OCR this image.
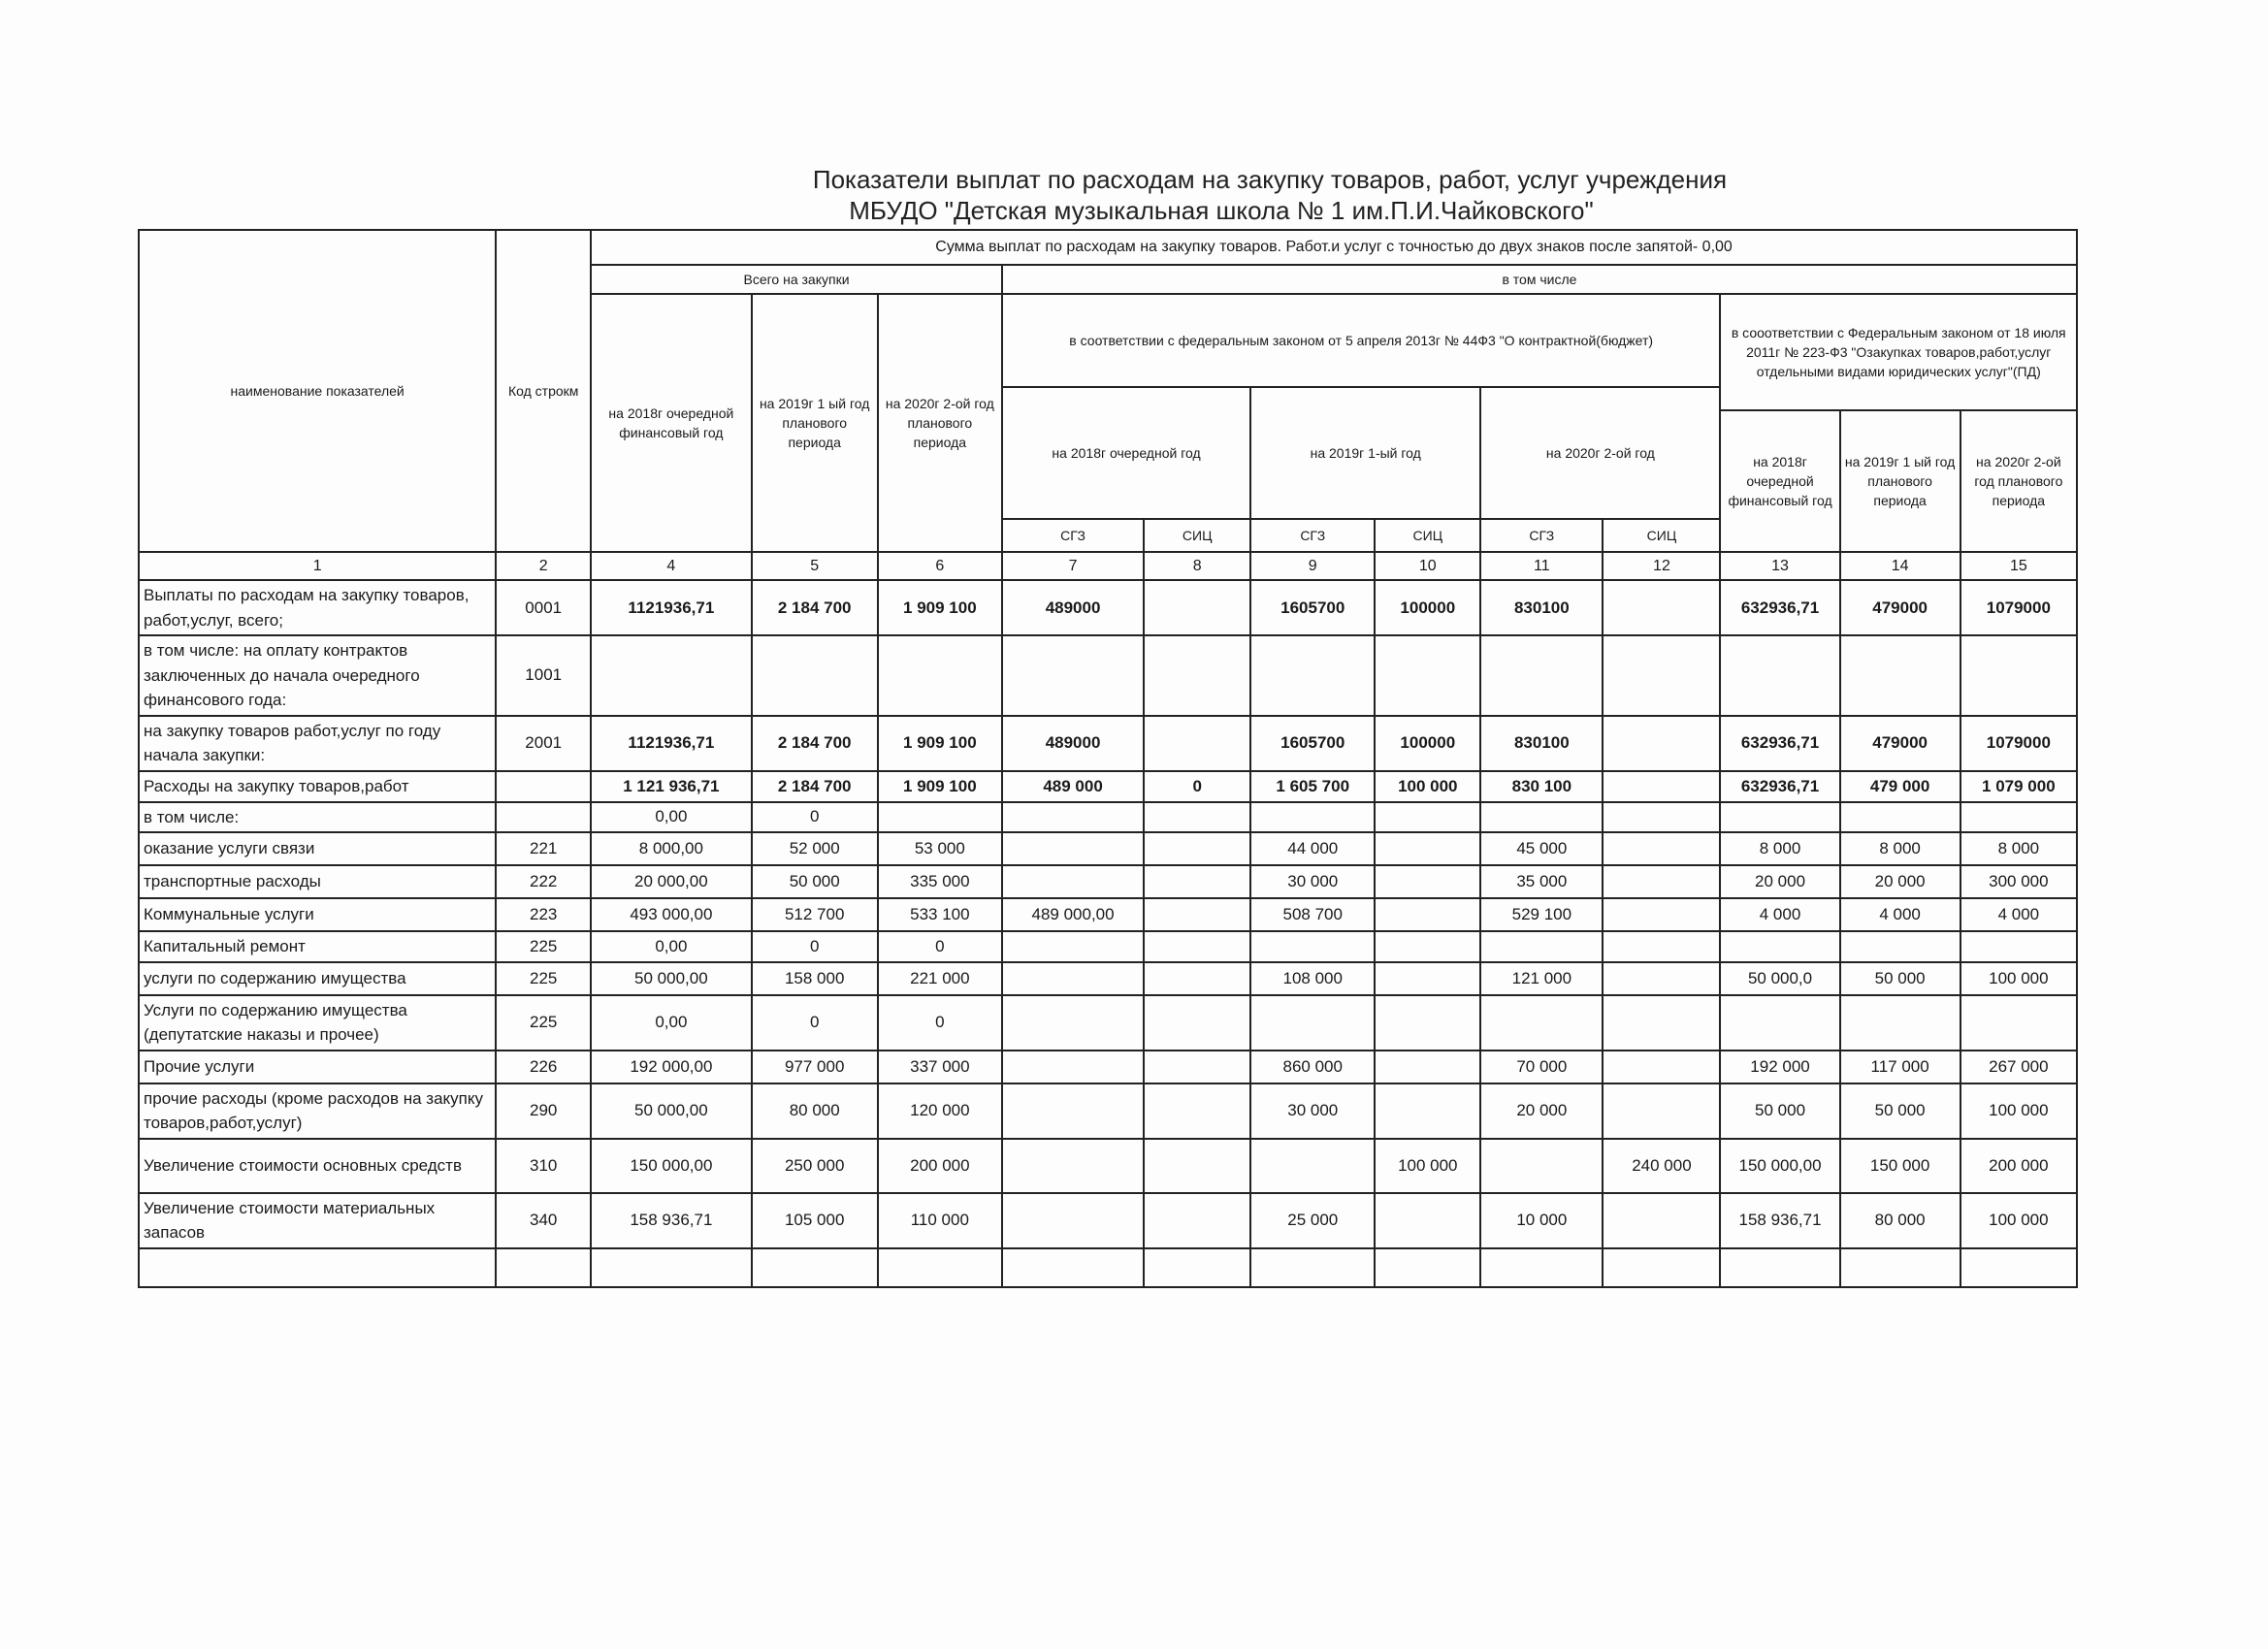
Показатели выплат по расходам на закупку товаров, работ, услуг учреждения
МБУДО "Детская музыкальная школа № 1 им.П.И.Чайковского"
наименование показателей	Код строкм	Сумма выплат по расходам на закупку товаров. Работ.и услуг с точностью до двух знаков после запятой- 0,00											
		Всего на закупки			в том числе								
		на 2018г очередной финансовый год	на 2019г 1 ый год планового периода	на 2020г 2-ой год планового периода	в соответствии с федеральным законом от 5 апреля 2013г № 44Ф3 "О контрактной(бюджет)						в сооответствии с Федеральным законом от 18 июля 2011г № 223-Ф3 "Озакупках товаров,работ,услуг отдельными видами юридических услуг"(ПД)		
					на 2018г очередной год		на 2019г 1-ый год		на 2020г 2-ой год				
											на 2018г очередной финансовый год	на 2019г 1 ый год планового периода	на 2020г 2-ой год планового периода
					СГЗ	СИЦ	СГЗ	СИЦ	СГЗ	СИЦ			
1	2	4	5	6	7	8	9	10	11	12	13	14	15
Выплаты по расходам на закупку товаров, работ,услуг, всего;	0001	1121936,71	2 184 700	1 909 100	489000		1605700	100000	830100		632936,71	479000	1079000
в том числе: на оплату контрактов заключенных до начала очередного финансового года:	1001												
на закупку товаров работ,услуг по году начала закупки:	2001	1121936,71	2 184 700	1 909 100	489000		1605700	100000	830100		632936,71	479000	1079000
Расходы на закупку товаров,работ		1 121 936,71	2 184 700	1 909 100	489 000	0	1 605 700	100 000	830 100		632936,71	479 000	1 079 000
в том числе:		0,00	0										
оказание услуги связи	221	8 000,00	52 000	53 000			44 000		45 000		8 000	8 000	8 000
транспортные расходы	222	20 000,00	50 000	335 000			30 000		35 000		20 000	20 000	300 000
Коммунальные услуги	223	493 000,00	512 700	533 100	489 000,00		508 700		529 100		4 000	4 000	4 000
Капитальный ремонт	225	0,00	0	0									
услуги по содержанию имущества	225	50 000,00	158 000	221 000			108 000		121 000		50 000,0	50 000	100 000
Услуги по содержанию имущества (депутатские наказы и прочее)	225	0,00	0	0									
Прочие услуги	226	192 000,00	977 000	337 000			860 000		70 000		192 000	117 000	267 000
прочие расходы (кроме расходов на закупку товаров,работ,услуг)	290	50 000,00	80 000	120 000			30 000		20 000		50 000	50 000	100 000
Увеличение стоимости основных средств	310	150 000,00	250 000	200 000				100 000		240 000	150 000,00	150 000	200 000
Увеличение стоимости материальных запасов	340	158 936,71	105 000	110 000			25 000		10 000		158 936,71	80 000	100 000
